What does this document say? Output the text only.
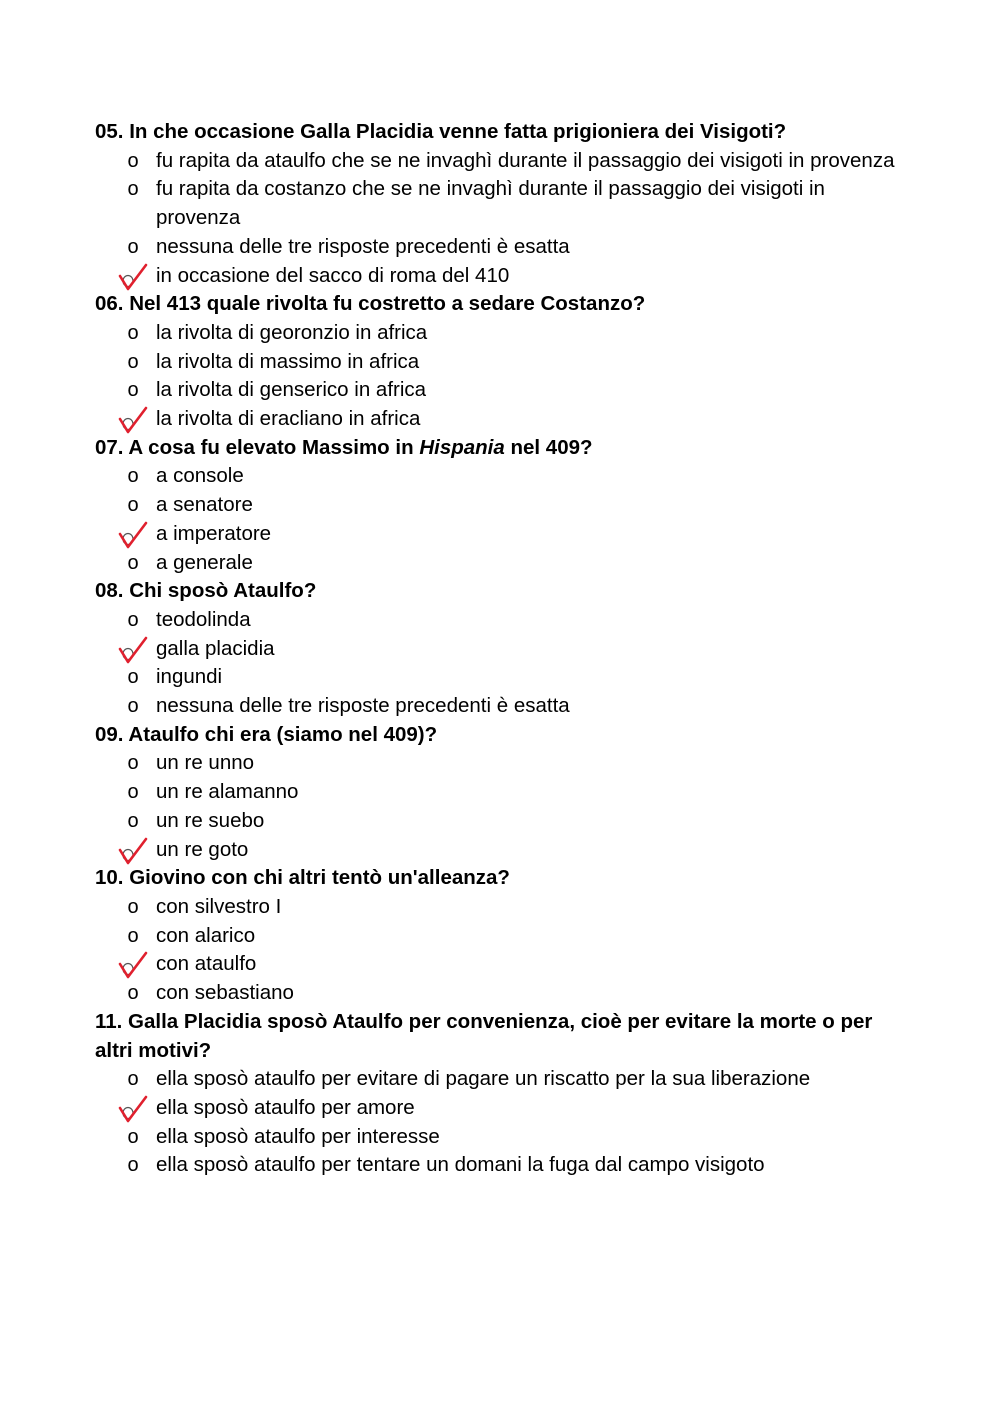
05. In che occasione Galla Placidia venne fatta prigioniera dei Visigoti?

o fu rapita da ataulfo che se ne invaghì durante il passaggio dei visigoti in provenza
o fu rapita da costanzo che se ne invaghì durante il passaggio dei visigoti in provenza
o nessuna delle tre risposte precedenti è esatta
in occasione del sacco di roma del 410

06. Nel 413 quale rivolta fu costretto a sedare Costanzo?

o la rivolta di georonzio in africa
o la rivolta di massimo in africa
o la rivolta di genserico in africa
la rivolta di eracliano in africa

07. A cosa fu elevato Massimo in Hispania nel 409?

o a console
o a senatore
a imperatore
o a generale

08. Chi sposò Ataulfo?

o teodolinda
galla placidia
o ingundi
o nessuna delle tre risposte precedenti è esatta

09. Ataulfo chi era (siamo nel 409)?

o un re unno
o un re alamanno
o un re suebo
un re goto

10. Giovino con chi altri tentò un'alleanza?

o con silvestro I
o con alarico
con ataulfo
o con sebastiano

11. Galla Placidia sposò Ataulfo per convenienza, cioè per evitare la morte o per altri motivi?

o ella sposò ataulfo per evitare di pagare un riscatto per la sua liberazione
ella sposò ataulfo per amore
o ella sposò ataulfo per interesse
o ella sposò ataulfo per tentare un domani la fuga dal campo visigoto
